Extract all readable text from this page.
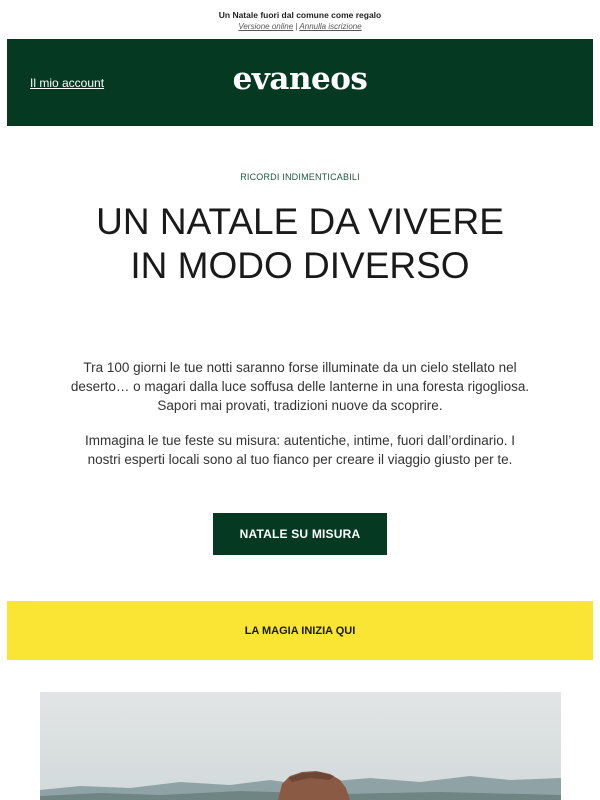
Un Natale fuori dal comune come regalo
Versione online | Annulla iscrizione
Il mio account	evaneos
RICORDI INDIMENTICABILI
UN NATALE DA VIVERE
IN MODO DIVERSO

Tra 100 giorni le tue notti saranno forse illuminate da un cielo stellato nel deserto… o magari dalla luce soffusa delle lanterne in una foresta rigogliosa. Sapori mai provati, tradizioni nuove da scoprire.

Immagina le tue feste su misura: autentiche, intime, fuori dall’ordinario. I nostri esperti locali sono al tuo fianco per creare il viaggio giusto per te.

NATALE SU MISURA
LA MAGIA INIZIA QUI
